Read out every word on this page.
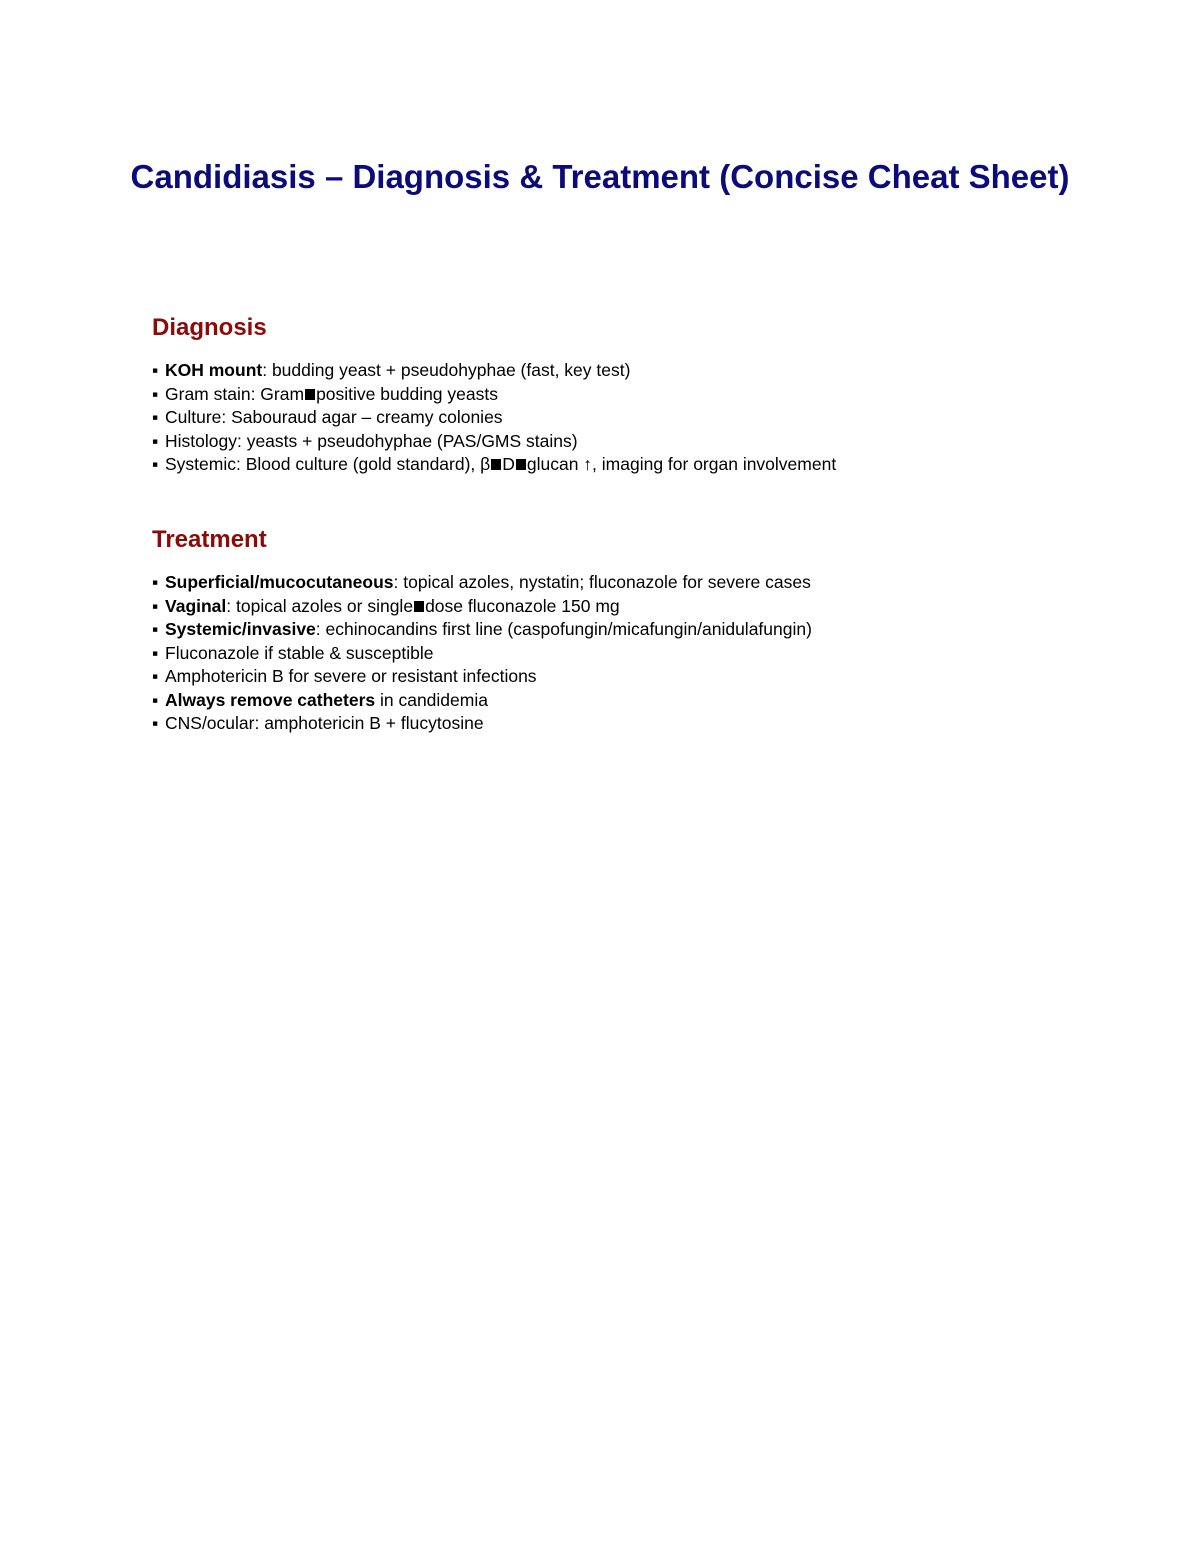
Candidiasis – Diagnosis & Treatment (Concise Cheat Sheet)
Diagnosis
▪ KOH mount: budding yeast + pseudohyphae (fast, key test)
▪ Gram stain: Gram positive budding yeasts
▪ Culture: Sabouraud agar – creamy colonies
▪ Histology: yeasts + pseudohyphae (PAS/GMS stains)
▪ Systemic: Blood culture (gold standard), β D glucan ↑, imaging for organ involvement
Treatment
▪ Superficial/mucocutaneous: topical azoles, nystatin; fluconazole for severe cases
▪ Vaginal: topical azoles or single dose fluconazole 150 mg
▪ Systemic/invasive: echinocandins first line (caspofungin/micafungin/anidulafungin)
▪ Fluconazole if stable & susceptible
▪ Amphotericin B for severe or resistant infections
▪ Always remove catheters in candidemia
▪ CNS/ocular: amphotericin B + flucytosine
